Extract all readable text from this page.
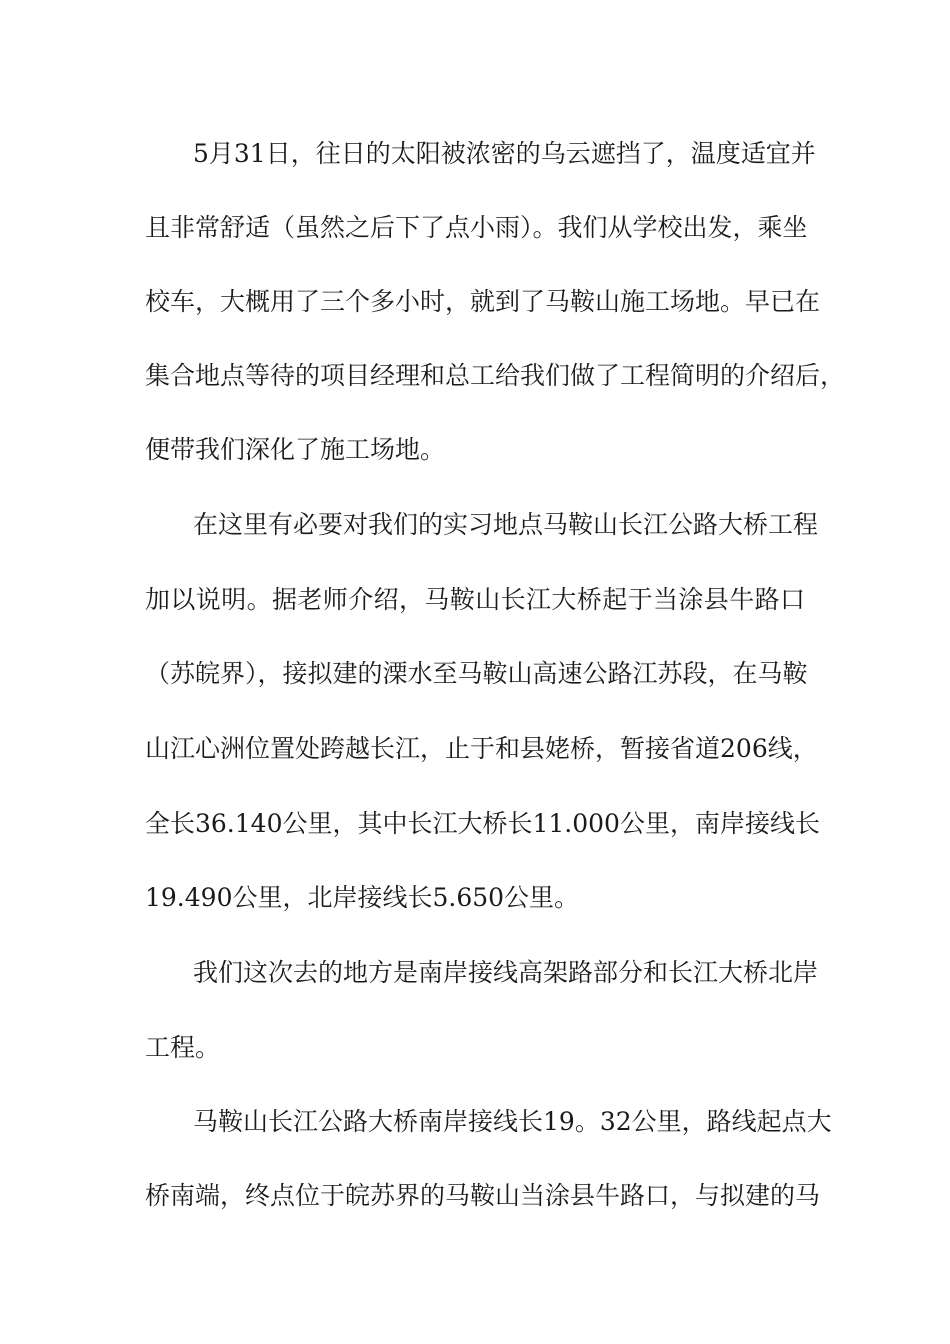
5月31日，往日的太阳被浓密的乌云遮挡了，温度适宜并
且非常舒适（虽然之后下了点小雨）。我们从学校出发，乘坐
校车，大概用了三个多小时，就到了马鞍山施工场地。早已在
集合地点等待的项目经理和总工给我们做了工程简明的介绍后，
便带我们深化了施工场地。
在这里有必要对我们的实习地点马鞍山长江公路大桥工程
加以说明。据老师介绍，马鞍山长江大桥起于当涂县牛路口
（苏皖界），接拟建的溧水至马鞍山高速公路江苏段，在马鞍
山江心洲位置处跨越长江，止于和县姥桥，暂接省道206线，
全长36.140公里，其中长江大桥长11.000公里，南岸接线长
19.490公里，北岸接线长5.650公里。
我们这次去的地方是南岸接线高架路部分和长江大桥北岸
工程。
马鞍山长江公路大桥南岸接线长19。32公里，路线起点大
桥南端，终点位于皖苏界的马鞍山当涂县牛路口，与拟建的马
